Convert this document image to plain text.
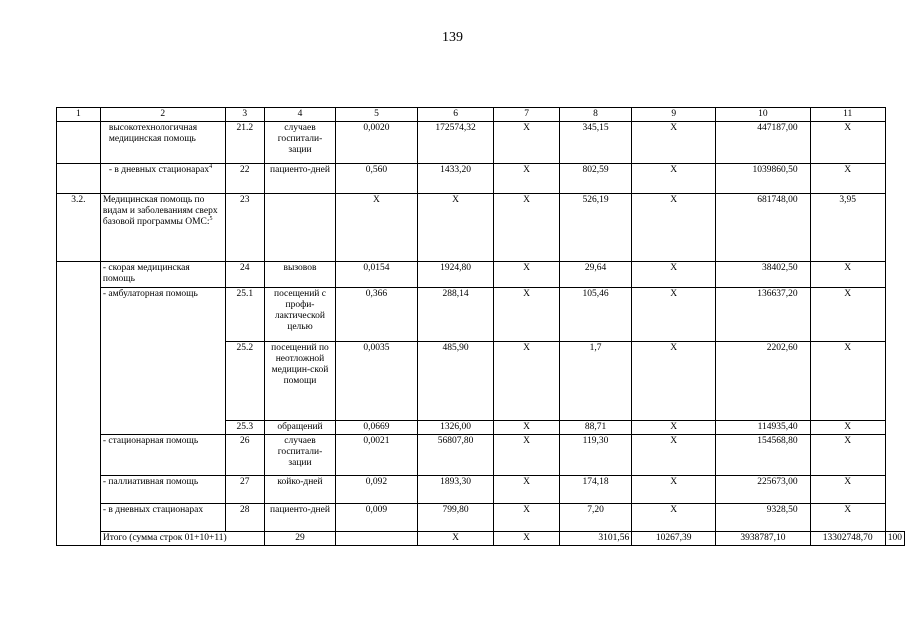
139
1	2	3	4	5	6	7	8	9	10	11	
	высокотехнологичная медицинская помощь	21.2	случаев госпитали-зации	0,0020	172574,32	X	345,15	X	447187,00	X	
	- в дневных стационарах$^4$	22	пациенто-дней	0,560	1433,20	X	802,59	X	1039860,50	X	
3.2.	Медицинская помощь по видам и заболеваниям сверх базовой программы ОМС:$^5$	23		X	X	X	526,19	X	681748,00	3,95	
	- скорая медицинская помощь	24	вызовов	0,0154	1924,80	X	29,64	X	38402,50	X	
	- амбулаторная помощь	25.1	посещений с профи-лактической целью	0,366	288,14	X	105,46	X	136637,20	X	
		25.2	посещений по неотложной медицин-ской помощи	0,0035	485,90	X	1,7	X	2202,60	X	
		25.3	обращений	0,0669	1326,00	X	88,71	X	114935,40	X	
	- стационарная помощь	26	случаев госпитали-зации	0,0021	56807,80	X	119,30	X	154568,80	X	
	- паллиативная помощь	27	койко-дней	0,092	1893,30	X	174,18	X	225673,00	X	
	- в дневных стационарах	28	пациенто-дней	0,009	799,80	X	7,20	X	9328,50	X	
	Итого (сумма строк 01+10+11)		29		X	X	3101,56	10267,39	3938787,10	13302748,70	100
